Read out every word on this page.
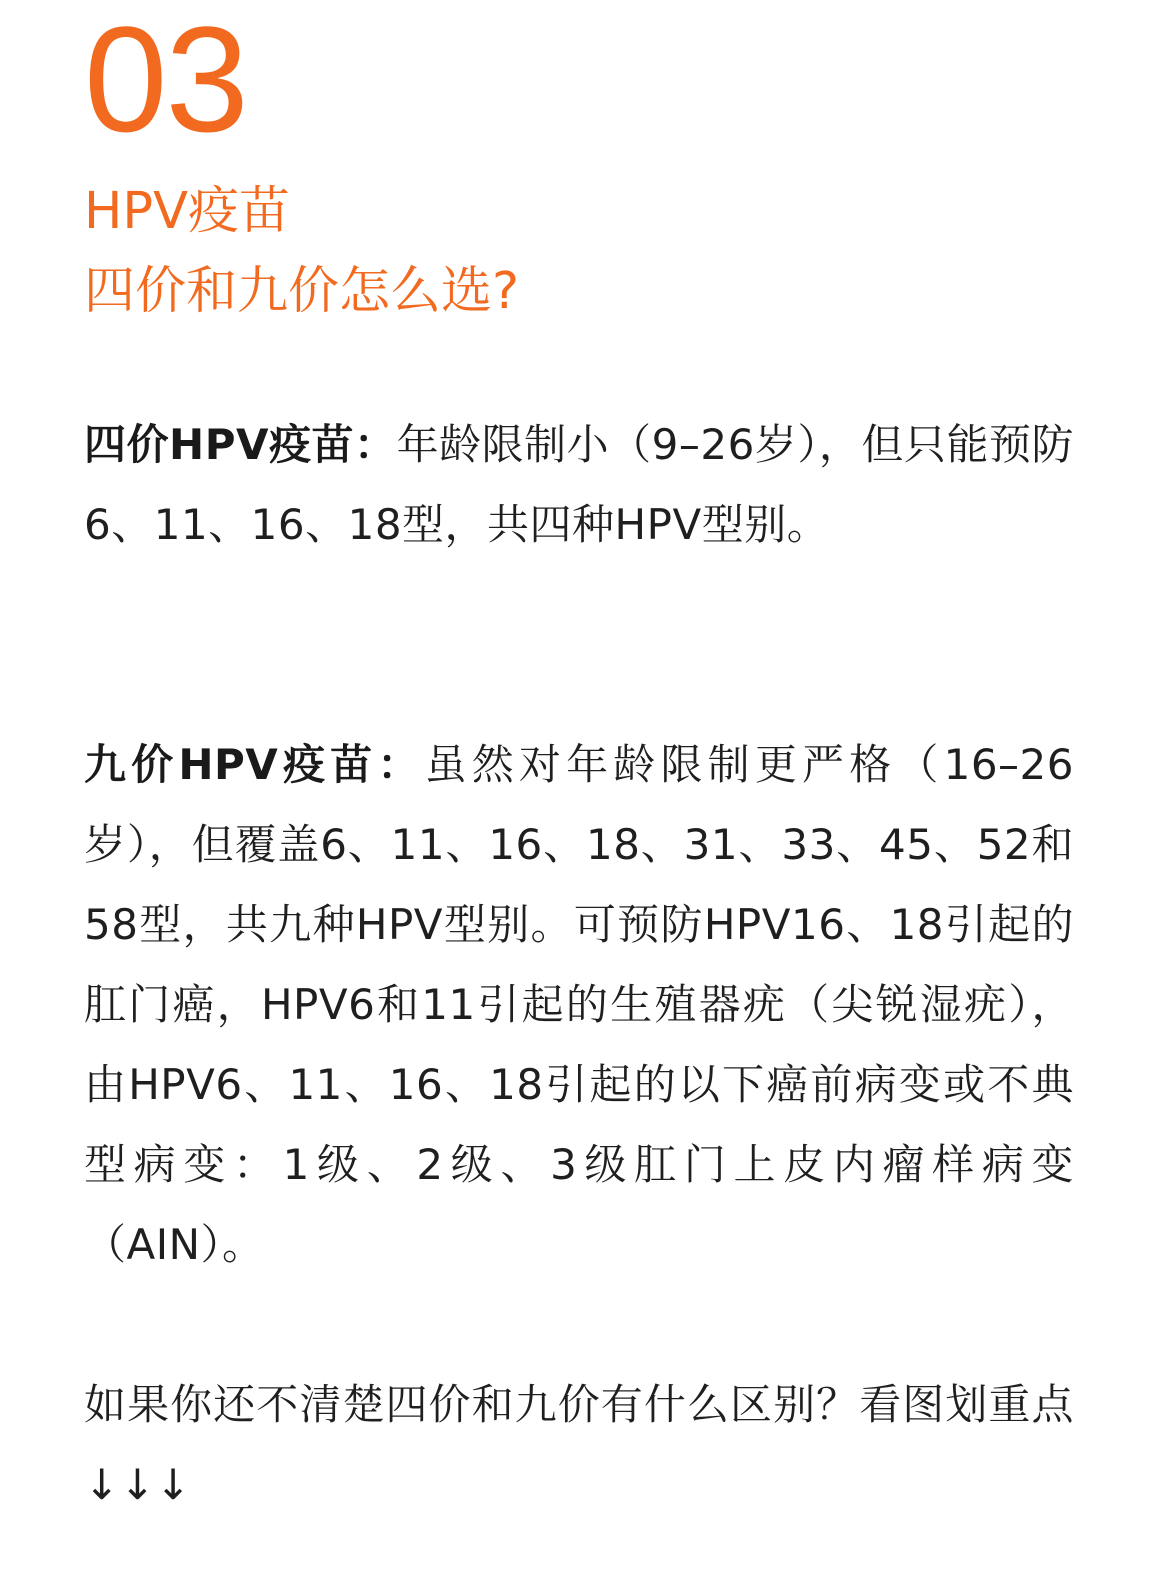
03
HPV疫苗
四价和九价怎么选?

四价HPV疫苗：年龄限制小（9–26岁），但只能预防6、11、16、18型，共四种HPV型别。

九价HPV疫苗：虽然对年龄限制更严格（16–26岁），但覆盖6、11、16、18、31、33、45、52和58型，共九种HPV型别。可预防HPV16、18引起的肛门癌，HPV6和11引起的生殖器疣（尖锐湿疣），由HPV6、11、16、18引起的以下癌前病变或不典型病变：1级、2级、3级肛门上皮内瘤样病变（AIN）。

如果你还不清楚四价和九价有什么区别？看图划重点 ↓↓↓
